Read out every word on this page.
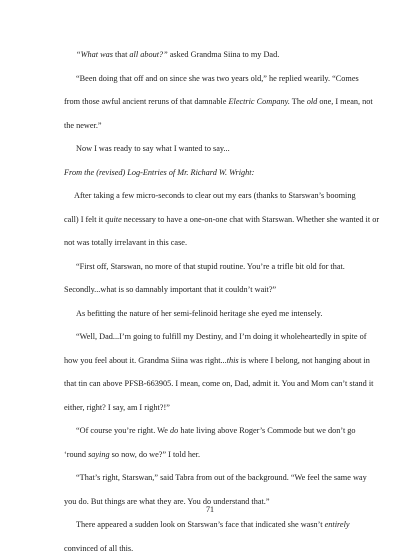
“What was that all about?” asked Grandma Siina to my Dad.

“Been doing that off and on since she was two years old,” he replied wearily. “Comes

from those awful ancient reruns of that damnable Electric Company. The old one, I mean, not

the newer.”

Now I was ready to say what I wanted to say...

From the (revised) Log-Entries of Mr. Richard W. Wright:

After taking a few micro-seconds to clear out my ears (thanks to Starswan’s booming

call) I felt it quite necessary to have a one-on-one chat with Starswan. Whether she wanted it or

not was totally irrelavant in this case.

“First off, Starswan, no more of that stupid routine. You’re a trifle bit old for that.

Secondly...what is so damnably important that it couldn’t wait?”

As befitting the nature of her semi-felinoid heritage she eyed me intensely.

“Well, Dad...I’m going to fulfill my Destiny, and I’m doing it wholeheartedly in spite of

how you feel about it. Grandma Siina was right...this is where I belong, not hanging about in

that tin can above PFSB-663905. I mean, come on, Dad, admit it. You and Mom can’t stand it

either, right? I say, am I right?!”

“Of course you’re right. We do hate living above Roger’s Commode but we don’t go

‘round saying so now, do we?” I told her.

“That’s right, Starswan,” said Tabra from out of the background. “We feel the same way

you do. But things are what they are. You do understand that.”

There appeared a sudden look on Starswan’s face that indicated she wasn’t entirely

convinced of all this.

71
